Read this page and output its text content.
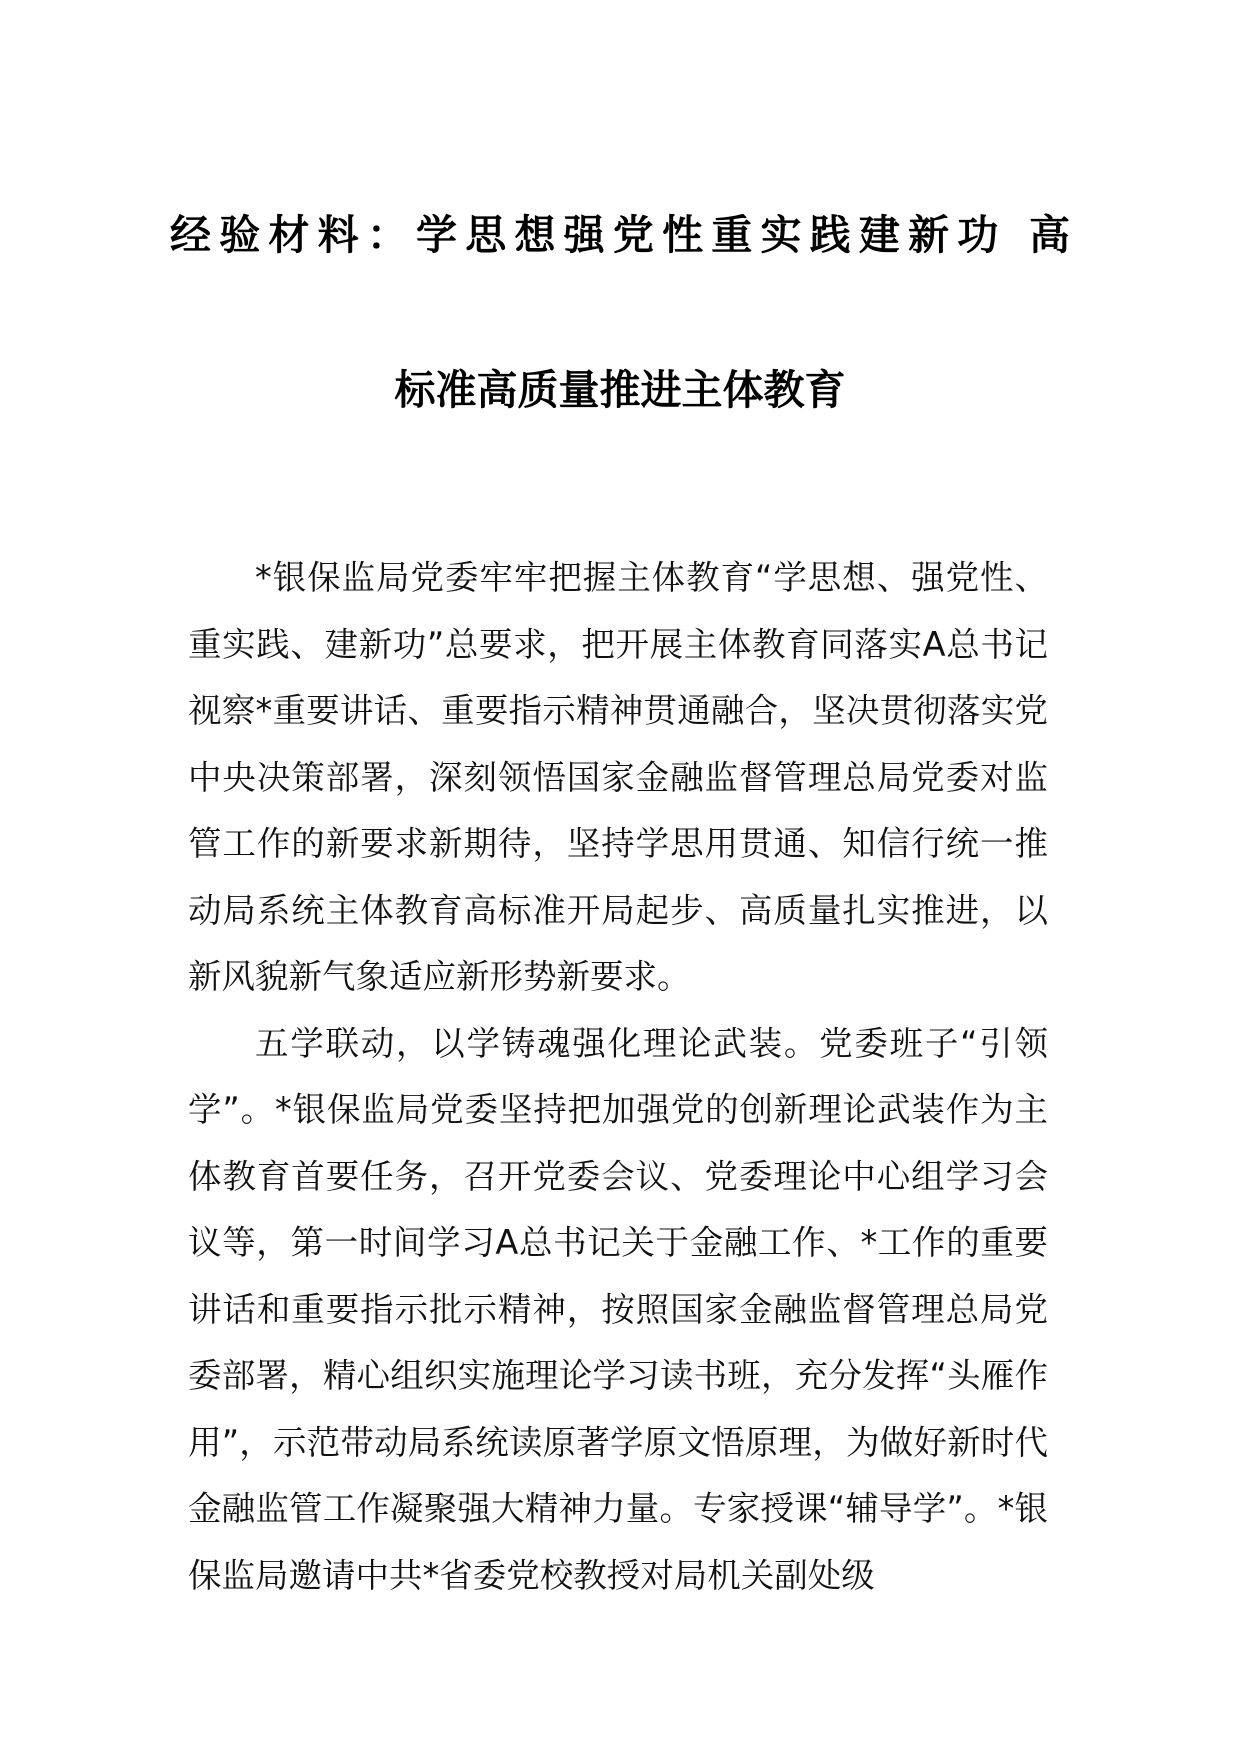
经验材料：学思想强党性重实践建新功 高
标准高质量推进主体教育

*银保监局党委牢牢把握主体教育“学思想、强党性、重实践、建新功”总要求，把开展主体教育同落实A总书记视察*重要讲话、重要指示精神贯通融合，坚决贯彻落实党中央决策部署，深刻领悟国家金融监督管理总局党委对监管工作的新要求新期待，坚持学思用贯通、知信行统一推动局系统主体教育高标准开局起步、高质量扎实推进，以新风貌新气象适应新形势新要求。

五学联动，以学铸魂强化理论武装。党委班子“引领学”。*银保监局党委坚持把加强党的创新理论武装作为主体教育首要任务，召开党委会议、党委理论中心组学习会议等，第一时间学习A总书记关于金融工作、*工作的重要讲话和重要指示批示精神，按照国家金融监督管理总局党委部署，精心组织实施理论学习读书班，充分发挥“头雁作用”，示范带动局系统读原著学原文悟原理，为做好新时代金融监管工作凝聚强大精神力量。专家授课“辅导学”。*银保监局邀请中共*省委党校教授对局机关副处级
